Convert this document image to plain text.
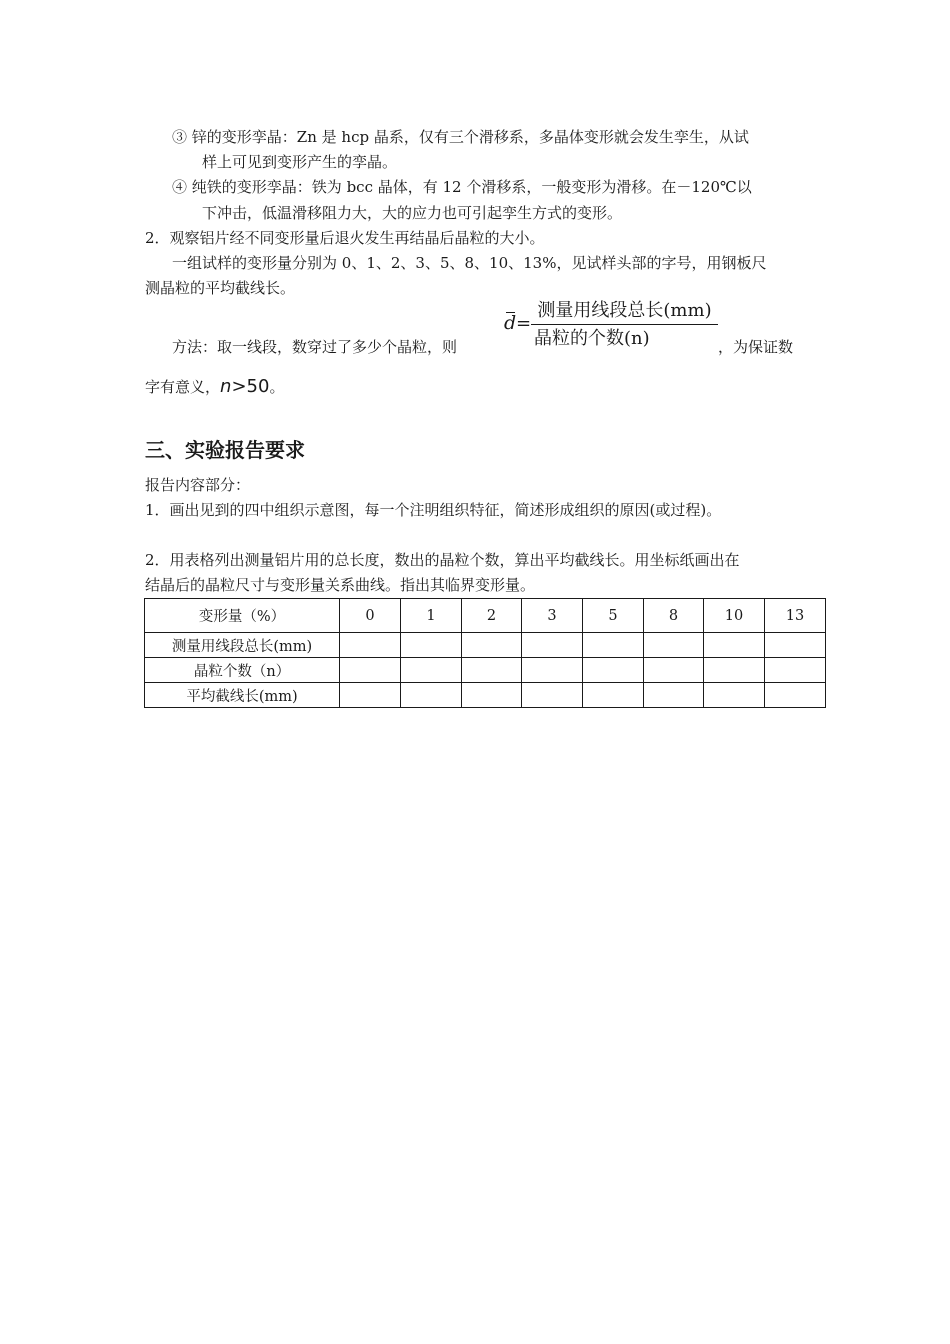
③ 锌的变形孪晶：Zn 是 hcp 晶系，仅有三个滑移系，多晶体变形就会发生孪生，从试
样上可见到变形产生的孪晶。
④ 纯铁的变形孪晶：铁为 bcc 晶体，有 12 个滑移系，一般变形为滑移。在－120℃以
下冲击，低温滑移阻力大，大的应力也可引起孪生方式的变形。
2．观察铝片经不同变形量后退火发生再结晶后晶粒的大小。
一组试样的变形量分别为 0、1、2、3、5、8、10、13%，见试样头部的字号，用钢板尺
测晶粒的平均截线长。
d =
测量用线段总长(mm)
晶粒的个数(n)
方法：取一线段，数穿过了多少个晶粒，则	，为保证数
字有意义，n>50。
三、实验报告要求
报告内容部分：
1．画出见到的四中组织示意图，每一个注明组织特征，简述形成组织的原因(或过程)。
2．用表格列出测量铝片用的总长度，数出的晶粒个数，算出平均截线长。用坐标纸画出在
结晶后的晶粒尺寸与变形量关系曲线。指出其临界变形量。
变形量（%）	0	1	2	3	5	8	10	13
测量用线段总长(mm)								
晶粒个数（n）								
平均截线长(mm)								
